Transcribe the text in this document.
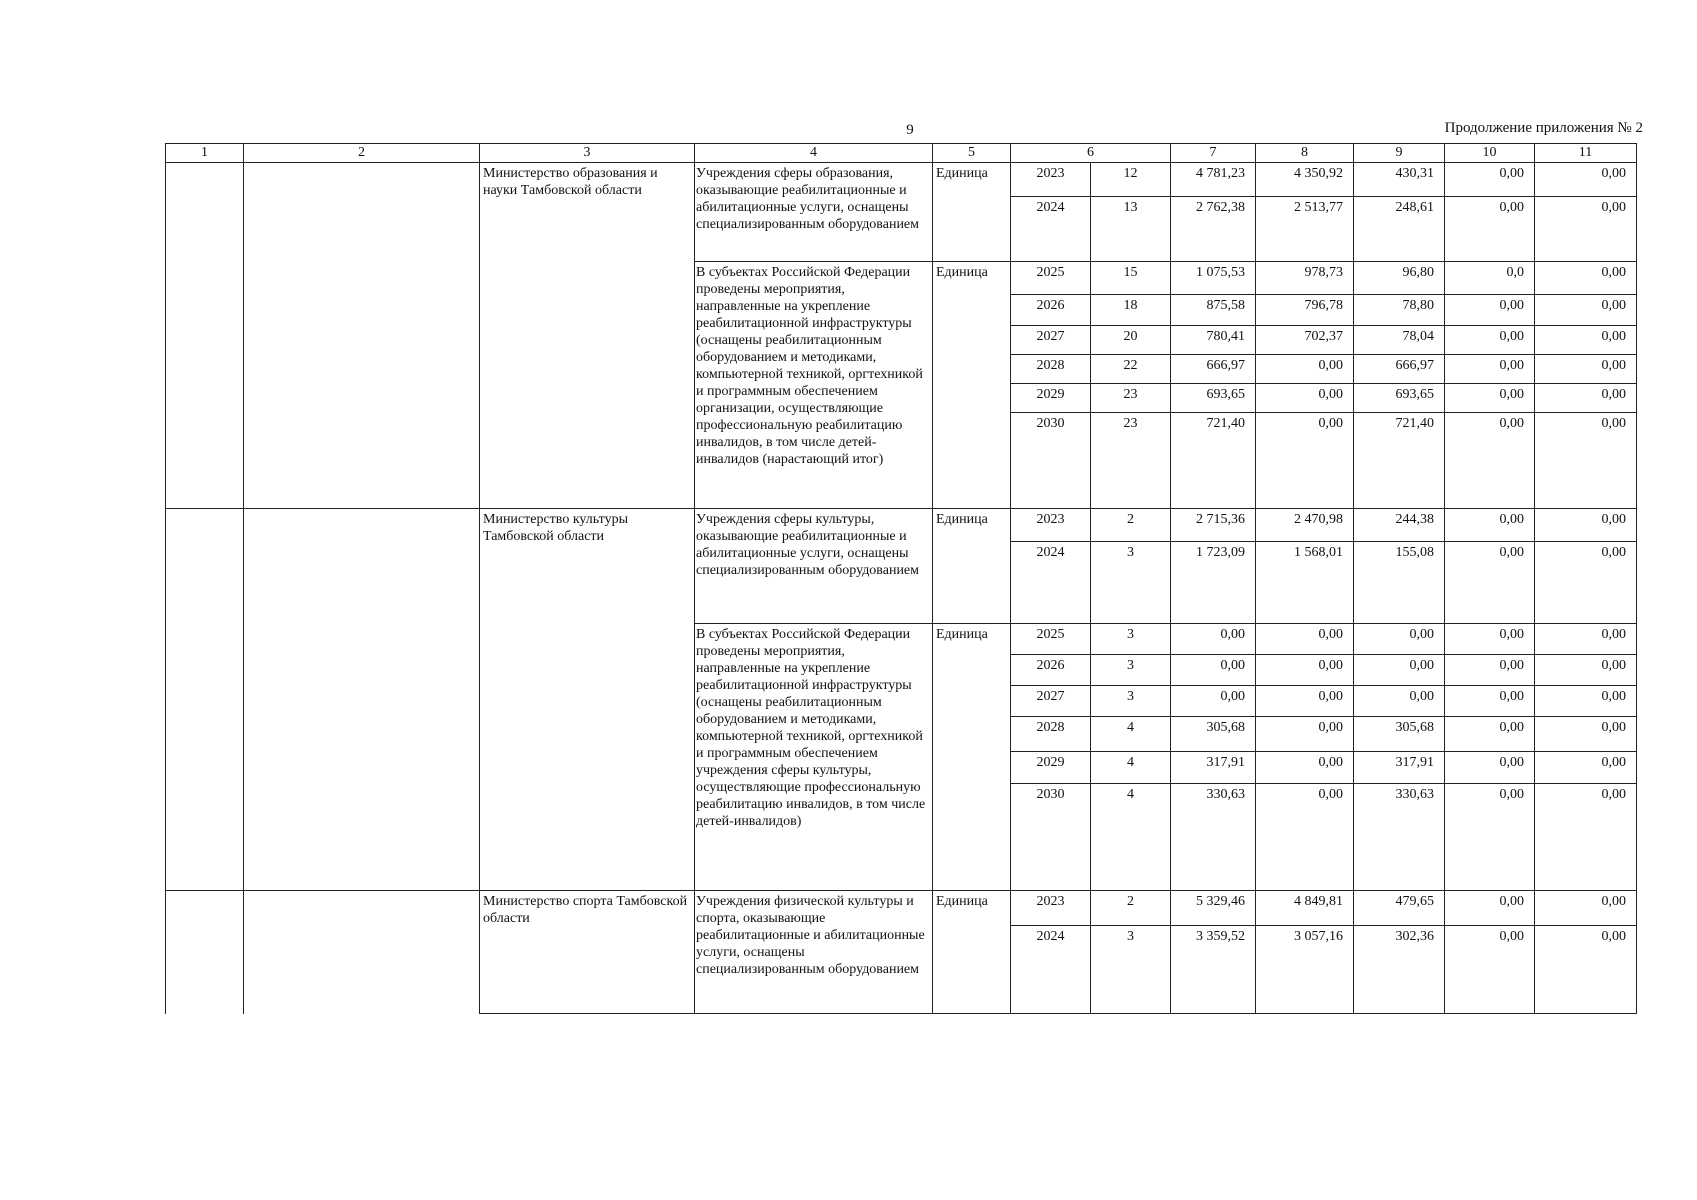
9	Продолжение приложения № 2
1	2	3	4	5	6		7	8	9	10	11
		Министерство образования и науки Тамбовской области	Учреждения сферы образования, оказывающие реабилитационные и абилитационные услуги, оснащены специализированным оборудованием	Единица	2023	12	4 781,23	4 350,92	430,31	0,00	0,00
					2024	13	2 762,38	2 513,77	248,61	0,00	0,00
			В субъектах Российской Федерации проведены мероприятия, направленные на укрепление реабилитационной инфраструктуры (оснащены реабилитационным оборудованием и методиками, компьютерной техникой, оргтехникой и программным обеспечением организации, осуществляющие профессиональную реабилитацию инвалидов, в том числе детей-инвалидов (нарастающий итог)	Единица	2025	15	1 075,53	978,73	96,80	0,0	0,00
					2026	18	875,58	796,78	78,80	0,00	0,00
					2027	20	780,41	702,37	78,04	0,00	0,00
					2028	22	666,97	0,00	666,97	0,00	0,00
					2029	23	693,65	0,00	693,65	0,00	0,00
					2030	23	721,40	0,00	721,40	0,00	0,00
		Министерство культуры Тамбовской области	Учреждения сферы культуры, оказывающие реабилитационные и абилитационные услуги, оснащены специализированным оборудованием	Единица	2023	2	2 715,36	2 470,98	244,38	0,00	0,00
					2024	3	1 723,09	1 568,01	155,08	0,00	0,00
			В субъектах Российской Федерации проведены мероприятия, направленные на укрепление реабилитационной инфраструктуры (оснащены реабилитационным оборудованием и методиками, компьютерной техникой, оргтехникой и программным обеспечением учреждения сферы культуры, осуществляющие профессиональную реабилитацию инвалидов, в том числе детей-инвалидов)	Единица	2025	3	0,00	0,00	0,00	0,00	0,00
					2026	3	0,00	0,00	0,00	0,00	0,00
					2027	3	0,00	0,00	0,00	0,00	0,00
					2028	4	305,68	0,00	305,68	0,00	0,00
					2029	4	317,91	0,00	317,91	0,00	0,00
					2030	4	330,63	0,00	330,63	0,00	0,00
		Министерство спорта Тамбовской области	Учреждения физической культуры и спорта, оказывающие реабилитационные и абилитационные услуги, оснащены специализированным оборудованием	Единица	2023	2	5 329,46	4 849,81	479,65	0,00	0,00
					2024	3	3 359,52	3 057,16	302,36	0,00	0,00
